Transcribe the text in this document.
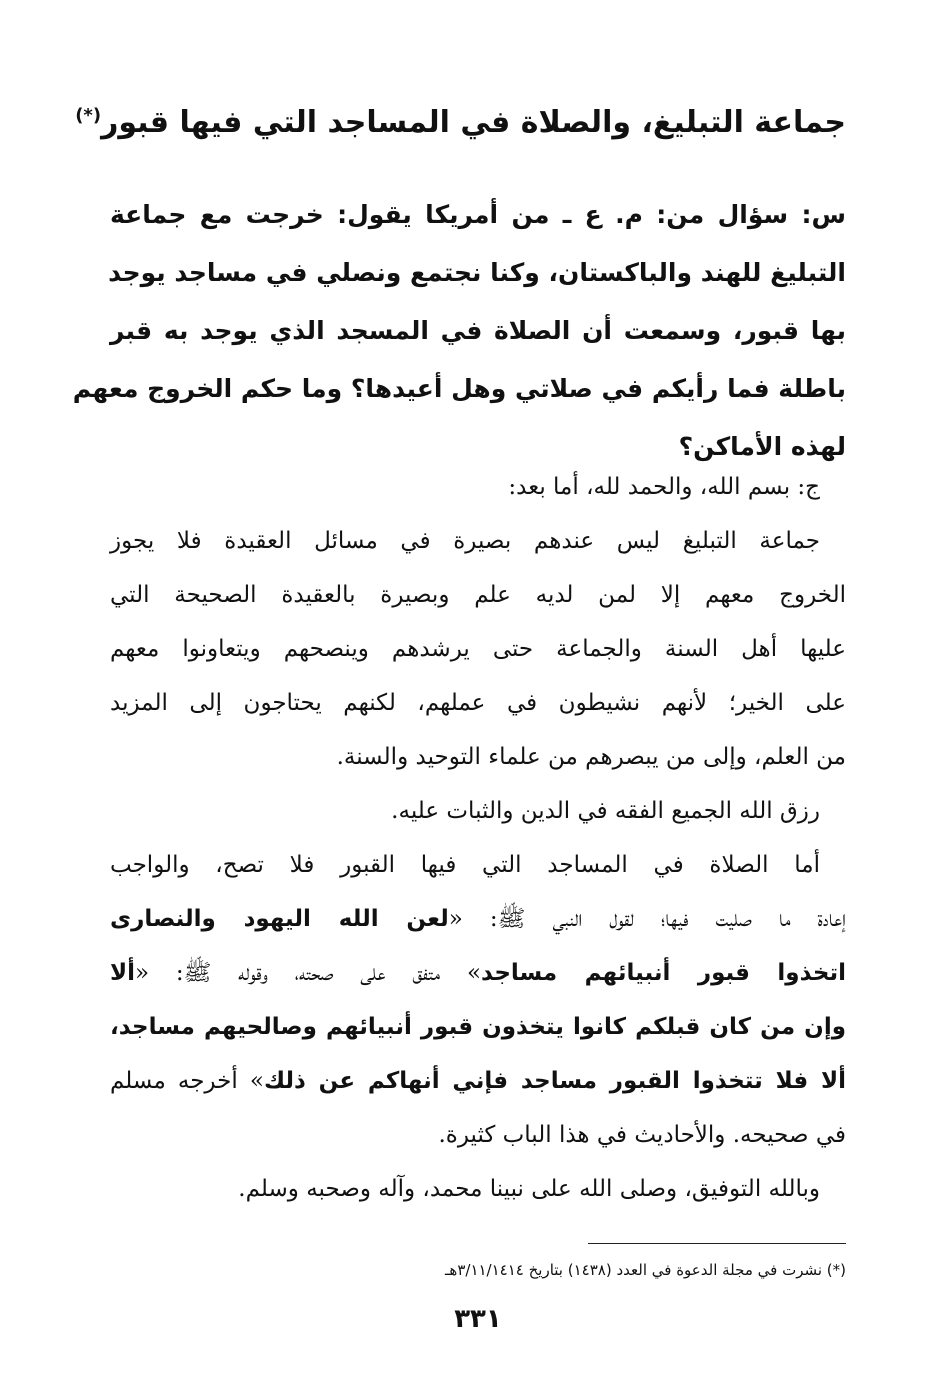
جماعة التبليغ، والصلاة في المساجد التي فيها قبور(*)
س: سؤال من: م. ع ـ من أمريكا يقول: خرجت مع جماعة
التبليغ للهند والباكستان، وكنا نجتمع ونصلي في مساجد يوجد
بها قبور، وسمعت أن الصلاة في المسجد الذي يوجد به قبر
باطلة فما رأيكم في صلاتي وهل أعيدها؟ وما حكم الخروج معهم
لهذه الأماكن؟
ج: بسم الله، والحمد لله، أما بعد:
جماعة التبليغ ليس عندهم بصيرة في مسائل العقيدة فلا يجوز
الخروج معهم إلا لمن لديه علم وبصيرة بالعقيدة الصحيحة التي
عليها أهل السنة والجماعة حتى يرشدهم وينصحهم ويتعاونوا معهم
على الخير؛ لأنهم نشيطون في عملهم، لكنهم يحتاجون إلى المزيد
من العلم، وإلى من يبصرهم من علماء التوحيد والسنة.
رزق الله الجميع الفقه في الدين والثبات عليه.
أما الصلاة في المساجد التي فيها القبور فلا تصح، والواجب
إعادة ما صليت فيها؛ لقول النبي ﷺ: «لعن الله اليهود والنصارى
اتخذوا قبور أنبيائهم مساجد» متفق على صحته، وقوله ﷺ: «ألا
وإن من كان قبلكم كانوا يتخذون قبور أنبيائهم وصالحيهم مساجد،
ألا فلا تتخذوا القبور مساجد فإني أنهاكم عن ذلك» أخرجه مسلم
في صحيحه. والأحاديث في هذا الباب كثيرة.
وبالله التوفيق، وصلى الله على نبينا محمد، وآله وصحبه وسلم.
(*) نشرت في مجلة الدعوة في العدد (١٤٣٨) بتاريخ ٣/١١/١٤١٤هـ
٣٣١
